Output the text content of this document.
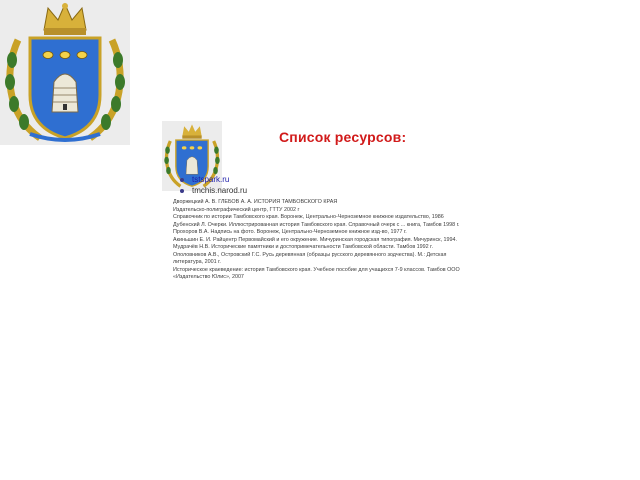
Список ресурсов:
tstspark.ru
tmchis.narod.ru

Дворжецкий А. В. ГЛЕБОВ А. А. ИСТОРИЯ ТАМБОВСКОГО КРАЯ

Издательско-полиграфический центр, ГТТУ 2002 г

Справочник по истории Тамбовского края. Воронеж, Центрально-Черноземное книжное издательство, 1986

Дубенский Л. Очерки. Иллюстрированная история Тамбовского края. Справочный очерк с ... книга, Тамбов 1998 г.

Прохоров В.А. Надпись на фото. Воронеж, Центрально-Черноземное книжное изд-во, 1977 г.

Акиньшин Е. И. Райцентр Первомайский и его окружение. Мичуринская городская типография. Мичуринск, 1994.

Мудрачёв Н.В. Исторические памятники и достопримечательности Тамбовской области. Тамбов 1992 г.

Ополовников А.В., Островский Г.С. Русь деревянная (образцы русского деревянного зодчества). М.: Детская литература, 2001 г.

Историческое краеведение: история Тамбовского края. Учебное пособие для учащихся 7-9 классов. Тамбов ООО «Издательство Юлис», 2007
